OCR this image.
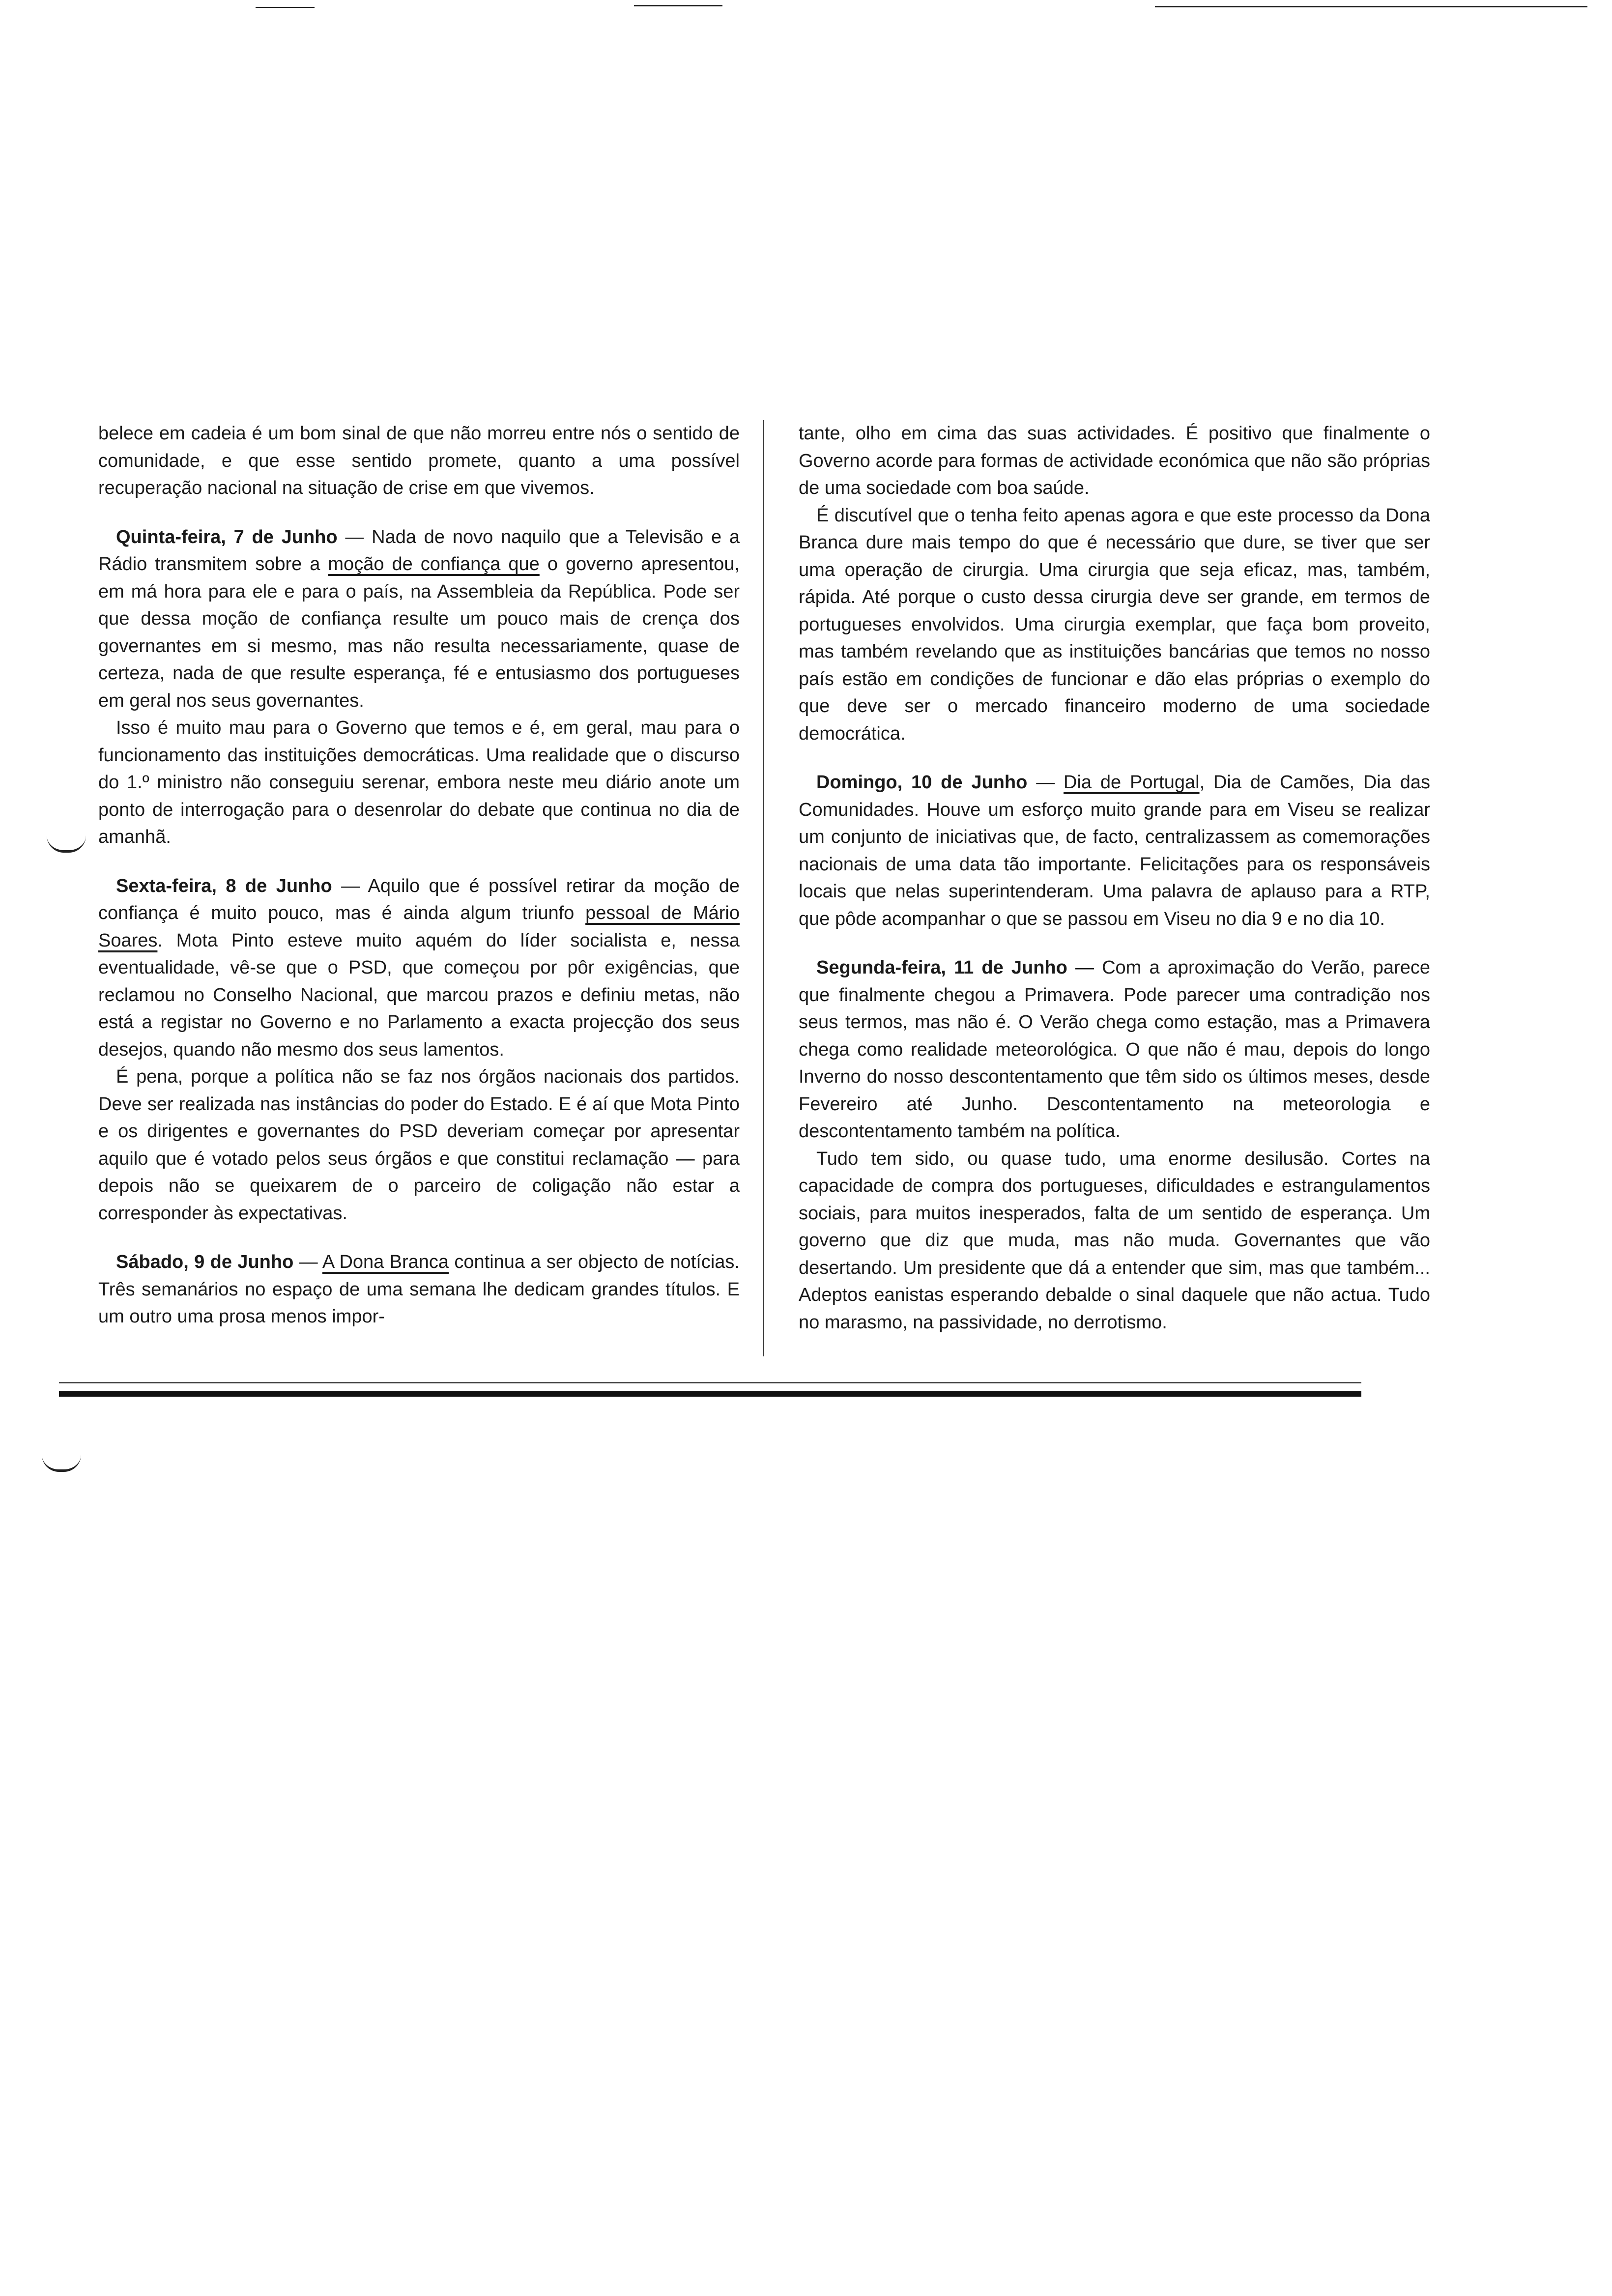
belece em cadeia é um bom sinal de que não morreu entre nós o sentido de comunidade, e que esse sentido promete, quanto a uma possível recuperação nacional na situação de crise em que vivemos.

Quinta-feira, 7 de Junho — Nada de novo naquilo que a Televisão e a Rádio transmitem sobre a moção de confiança que o governo apresentou, em má hora para ele e para o país, na Assembleia da República. Pode ser que dessa moção de confiança resulte um pouco mais de crença dos governantes em si mesmo, mas não resulta necessariamente, quase de certeza, nada de que resulte esperança, fé e entusiasmo dos portugueses em geral nos seus governantes.

Isso é muito mau para o Governo que temos e é, em geral, mau para o funcionamento das instituições democráticas. Uma realidade que o discurso do 1.º ministro não conseguiu serenar, embora neste meu diário anote um ponto de interrogação para o desenrolar do debate que continua no dia de amanhã.

Sexta-feira, 8 de Junho — Aquilo que é possível retirar da moção de confiança é muito pouco, mas é ainda algum triunfo pessoal de Mário Soares. Mota Pinto esteve muito aquém do líder socialista e, nessa eventualidade, vê-se que o PSD, que começou por pôr exigências, que reclamou no Conselho Nacional, que marcou prazos e definiu metas, não está a registar no Governo e no Parlamento a exacta projecção dos seus desejos, quando não mesmo dos seus lamentos.

É pena, porque a política não se faz nos órgãos nacionais dos partidos. Deve ser realizada nas instâncias do poder do Estado. E é aí que Mota Pinto e os dirigentes e governantes do PSD deveriam começar por apresentar aquilo que é votado pelos seus órgãos e que constitui reclamação — para depois não se queixarem de o parceiro de coligação não estar a corresponder às expectativas.

Sábado, 9 de Junho — A Dona Branca continua a ser objecto de notícias. Três semanários no espaço de uma semana lhe dedicam grandes títulos. E um outro uma prosa menos impor-

tante, olho em cima das suas actividades. É positivo que finalmente o Governo acorde para formas de actividade económica que não são próprias de uma sociedade com boa saúde.

É discutível que o tenha feito apenas agora e que este processo da Dona Branca dure mais tempo do que é necessário que dure, se tiver que ser uma operação de cirurgia. Uma cirurgia que seja eficaz, mas, também, rápida. Até porque o custo dessa cirurgia deve ser grande, em termos de portugueses envolvidos. Uma cirurgia exemplar, que faça bom proveito, mas também revelando que as instituições bancárias que temos no nosso país estão em condições de funcionar e dão elas próprias o exemplo do que deve ser o mercado financeiro moderno de uma sociedade democrática.

Domingo, 10 de Junho — Dia de Portugal, Dia de Camões, Dia das Comunidades. Houve um esforço muito grande para em Viseu se realizar um conjunto de iniciativas que, de facto, centralizassem as comemorações nacionais de uma data tão importante. Felicitações para os responsáveis locais que nelas superintenderam. Uma palavra de aplauso para a RTP, que pôde acompanhar o que se passou em Viseu no dia 9 e no dia 10.

Segunda-feira, 11 de Junho — Com a aproximação do Verão, parece que finalmente chegou a Primavera. Pode parecer uma contradição nos seus termos, mas não é. O Verão chega como estação, mas a Primavera chega como realidade meteorológica. O que não é mau, depois do longo Inverno do nosso descontentamento que têm sido os últimos meses, desde Fevereiro até Junho. Descontentamento na meteorologia e descontentamento também na política.

Tudo tem sido, ou quase tudo, uma enorme desilusão. Cortes na capacidade de compra dos portugueses, dificuldades e estrangulamentos sociais, para muitos inesperados, falta de um sentido de esperança. Um governo que diz que muda, mas não muda. Governantes que vão desertando. Um presidente que dá a entender que sim, mas que também... Adeptos eanistas esperando debalde o sinal daquele que não actua. Tudo no marasmo, na passividade, no derrotismo.
